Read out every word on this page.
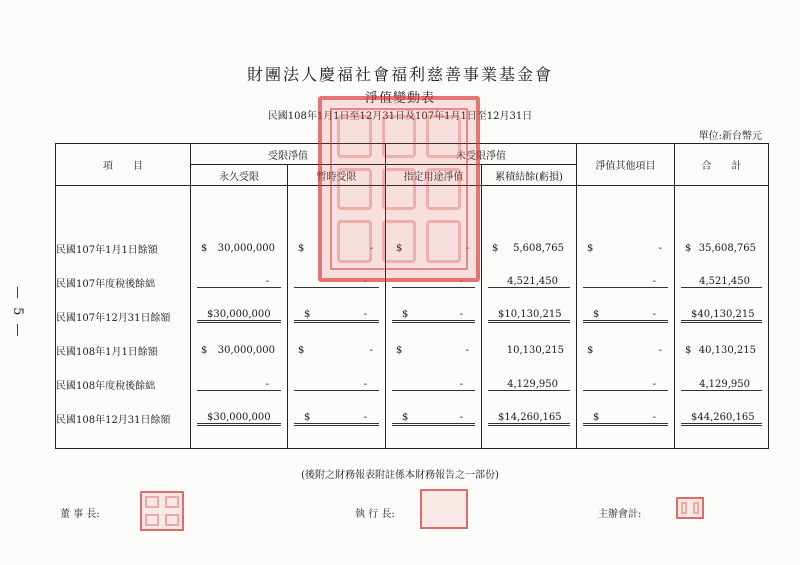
財團法人慶福社會福利慈善事業基金會
淨值變動表
民國108年1月1日至12月31日及107年1月1日至12月31日
單位:新台幣元
— 5 —
項　　目	受限淨值		未受限淨值		淨值其他項目	合　　計
	永久受限	暫時受限	指定用途淨值	累積結餘(虧損)		

民國107年1月1日餘額	$ 30,000,000	$ -	$ -	$ 5,608,765	$ -	$ 35,608,765

民國107年度稅後餘絀	-	-	-	4,521,450	-	4,521,450

民國107年12月31日餘額	$ 30,000,000	$ -	$ -	$ 10,130,215	$ -	$ 40,130,215

民國108年1月1日餘額	$ 30,000,000	$ -	$ -	10,130,215	$ -	$ 40,130,215

民國108年度稅後餘絀	-	-	-	4,129,950	-	4,129,950

民國108年12月31日餘額	$ 30,000,000	$ -	$ -	$ 14,260,165	$ -	$ 44,260,165

(後附之財務報表附註係本財務報告之一部份)
董 事 長:	執 行 長:	主辦會計:
